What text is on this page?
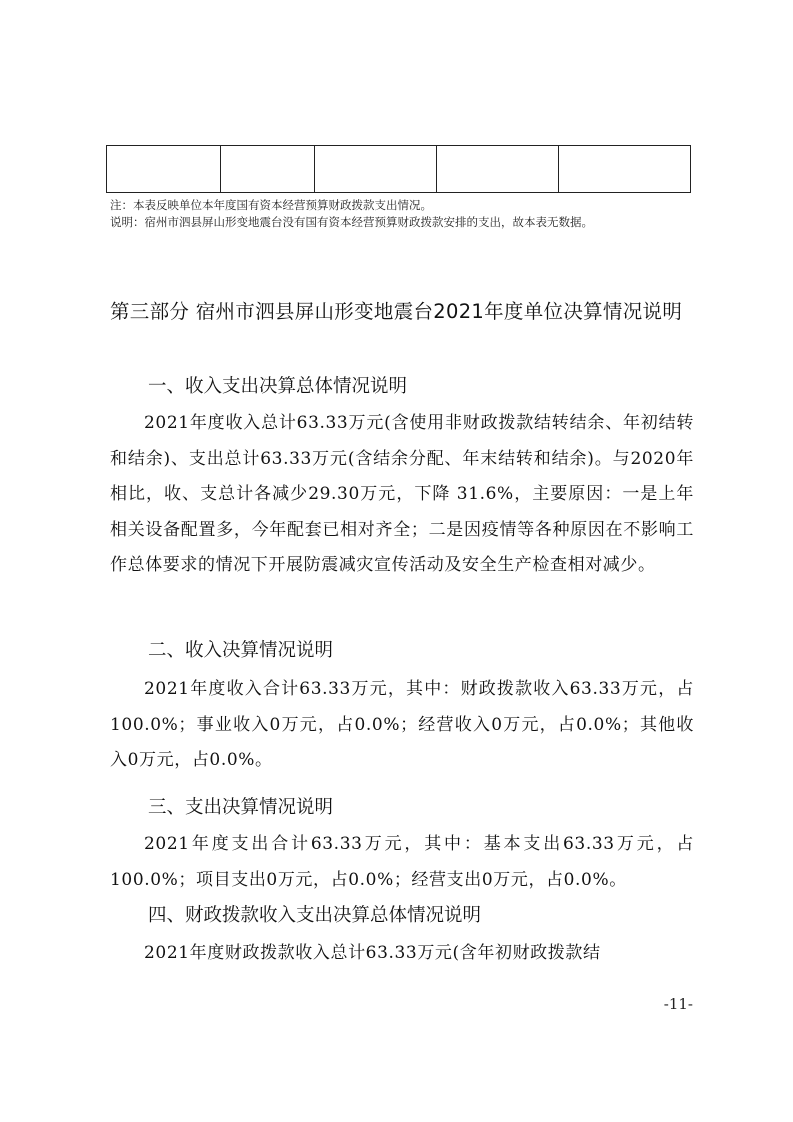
注：本表反映单位本年度国有资本经营预算财政拨款支出情况。
说明：宿州市泗县屏山形变地震台没有国有资本经营预算财政拨款安排的支出，故本表无数据。
第三部分 宿州市泗县屏山形变地震台2021年度单位决算情况说明
一、收入支出决算总体情况说明
2021年度收入总计63.33万元(含使用非财政拨款结转结余、年初结转和结余)、支出总计63.33万元(含结余分配、年末结转和结余)。与2020年相比，收、支总计各减少29.30万元，下降 31.6%，主要原因：一是上年相关设备配置多，今年配套已相对齐全；二是因疫情等各种原因在不影响工作总体要求的情况下开展防震减灾宣传活动及安全生产检查相对减少。
二、收入决算情况说明
2021年度收入合计63.33万元，其中：财政拨款收入63.33万元，占100.0%；事业收入0万元，占0.0%；经营收入0万元，占0.0%；其他收入0万元，占0.0%。
三、支出决算情况说明
2021年度支出合计63.33万元，其中：基本支出63.33万元，占100.0%；项目支出0万元，占0.0%；经营支出0万元，占0.0%。
四、财政拨款收入支出决算总体情况说明
2021年度财政拨款收入总计63.33万元(含年初财政拨款结
-11-
